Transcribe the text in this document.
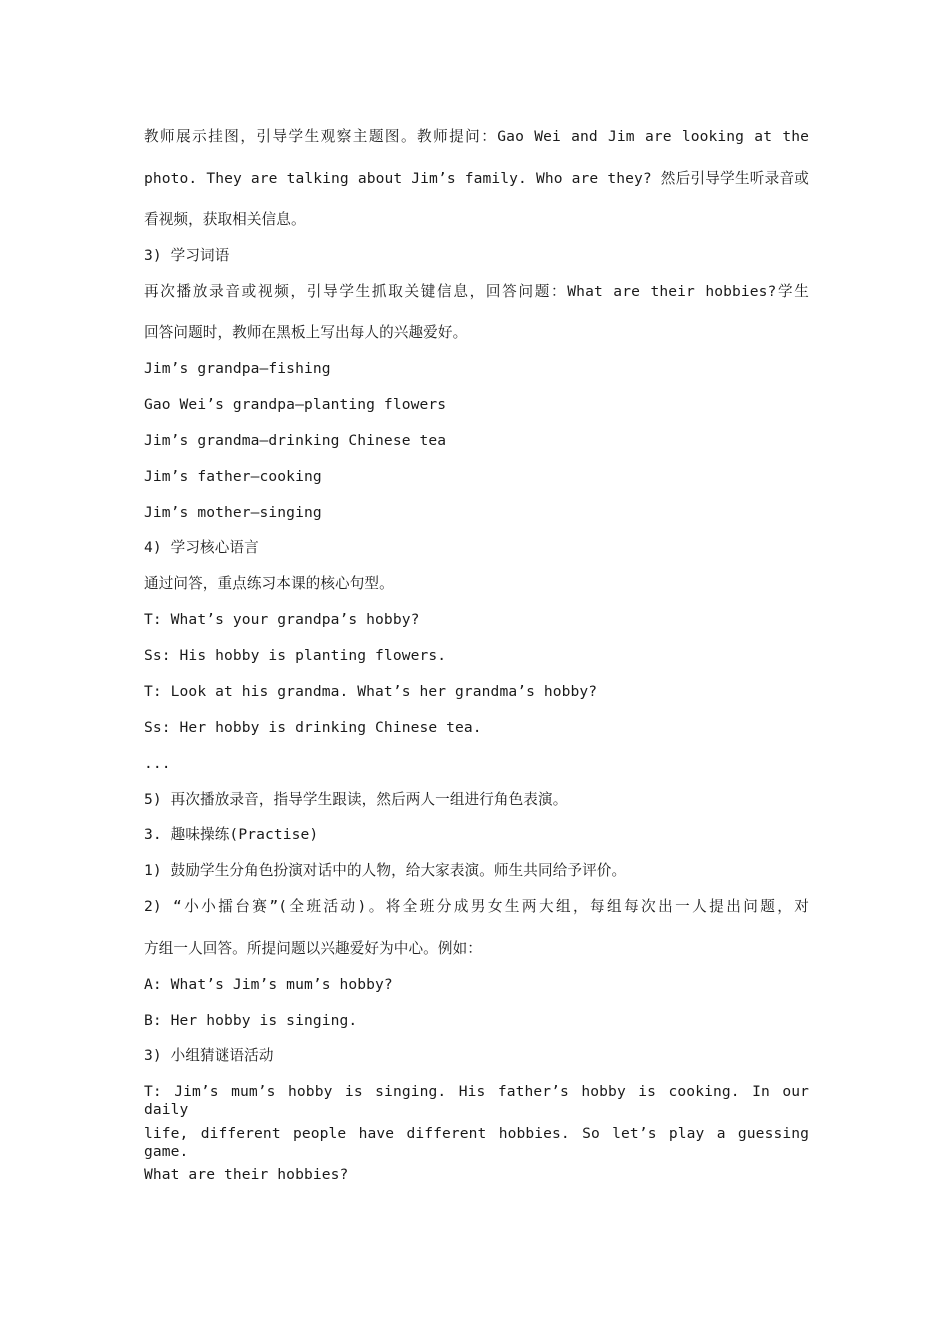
教师展示挂图，引导学生观察主题图。教师提问：Gao Wei and Jim are looking at the
photo. They are talking about Jim’s family. Who are they? 然后引导学生听录音或
看视频，获取相关信息。
3) 学习词语
再次播放录音或视频，引导学生抓取关键信息，回答问题：What are their hobbies?学生
回答问题时，教师在黑板上写出每人的兴趣爱好。
Jim’s grandpa—fishing
Gao Wei’s grandpa—planting flowers
Jim’s grandma—drinking Chinese tea
Jim’s father—cooking
Jim’s mother—singing
4) 学习核心语言
通过问答，重点练习本课的核心句型。
T: What’s your grandpa’s hobby?
Ss: His hobby is planting flowers.
T: Look at his grandma. What’s her grandma’s hobby?
Ss: Her hobby is drinking Chinese tea.
...
5) 再次播放录音，指导学生跟读，然后两人一组进行角色表演。
3. 趣味操练(Practise)
1) 鼓励学生分角色扮演对话中的人物，给大家表演。师生共同给予评价。
2) “小小擂台赛”(全班活动)。将全班分成男女生两大组，每组每次出一人提出问题，对
方组一人回答。所提问题以兴趣爱好为中心。例如：
A: What’s Jim’s mum’s hobby?
B: Her hobby is singing.
3) 小组猜谜语活动
T: Jim’s mum’s hobby is singing. His father’s hobby is cooking. In our daily
life, different people have different hobbies. So let’s play a guessing game.
What are their hobbies?
